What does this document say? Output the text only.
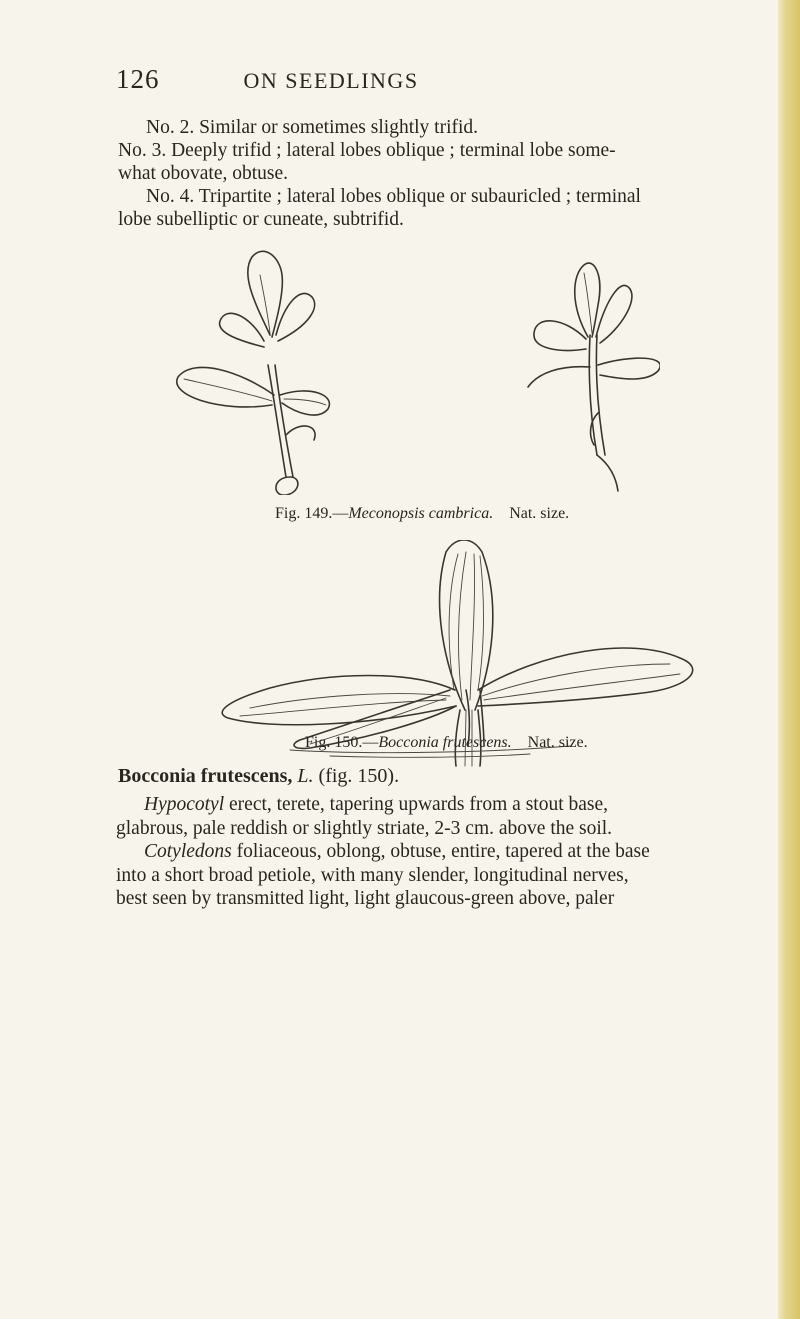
126	ON SEEDLINGS

No. 2. Similar or sometimes slightly trifid.

No. 3. Deeply trifid ; lateral lobes oblique ; terminal lobe some-

what obovate, obtuse.

No. 4. Tripartite ; lateral lobes oblique or subauricled ; terminal

lobe subelliptic or cuneate, subtrifid.

Fig. 149.—Meconopsis cambrica. Nat. size.
Fig. 150.—Bocconia frutescens. Nat. size.

Bocconia frutescens, L. (fig. 150).

Hypocotyl erect, terete, tapering upwards from a stout base,
glabrous, pale reddish or slightly striate, 2-3 cm. above the soil.
Cotyledons foliaceous, oblong, obtuse, entire, tapered at the base
into a short broad petiole, with many slender, longitudinal nerves,
best seen by transmitted light, light glaucous-green above, paler
